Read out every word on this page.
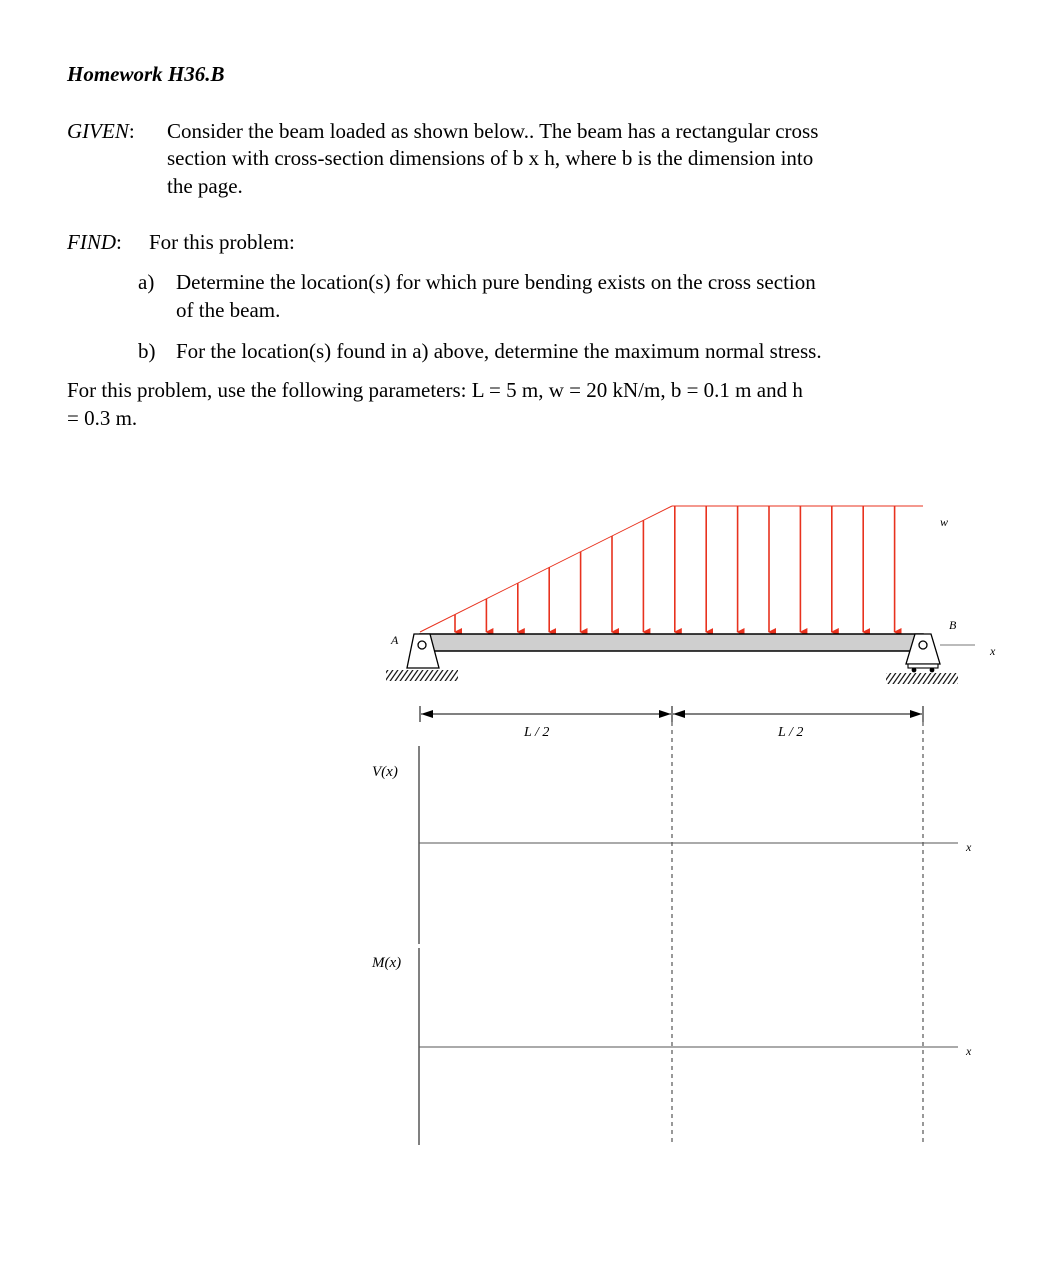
Homework H36.B
GIVEN: Consider the beam loaded as shown below.. The beam has a rectangular cross
section with cross-section dimensions of b x h, where b is the dimension into
the page.
FIND: For this problem:
a) Determine the location(s) for which pure bending exists on the cross section
of the beam.
b) For the location(s) found in a) above, determine the maximum normal stress.
For this problem, use the following parameters: L = 5 m, w = 20 kN/m, b = 0.1 m and h
= 0.3 m.
A
B
w
x
L / 2	L / 2
V(x)
x
M(x)
x
